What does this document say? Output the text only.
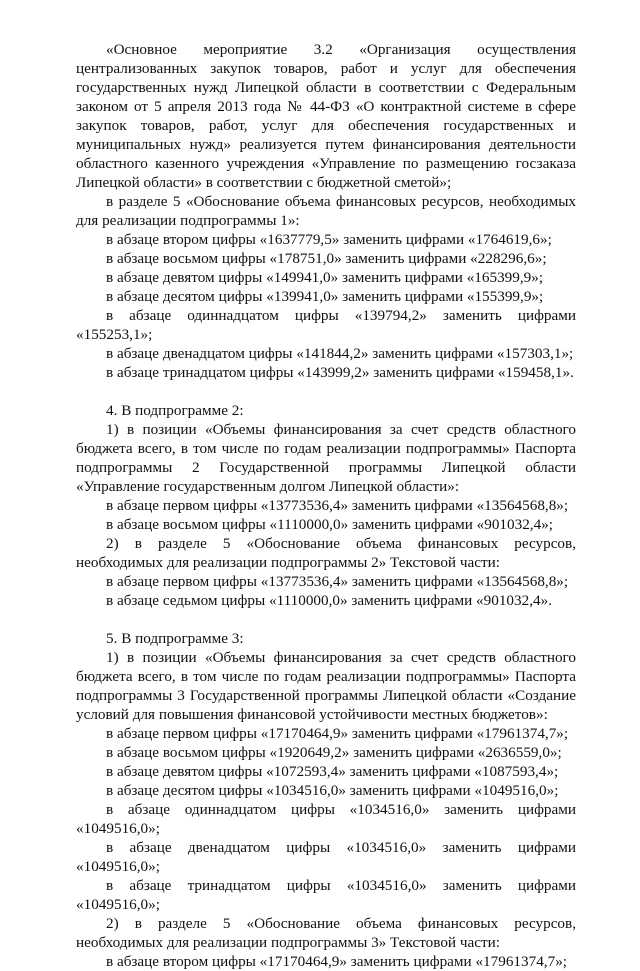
«Основное мероприятие 3.2 «Организация осуществления централизованных закупок товаров, работ и услуг для обеспечения государственных нужд Липецкой области в соответствии с Федеральным законом от 5 апреля 2013 года № 44-ФЗ «О контрактной системе в сфере закупок товаров, работ, услуг для обеспечения государственных и муниципальных нужд» реализуется путем финансирования деятельности областного казенного учреждения «Управление по размещению госзаказа Липецкой области» в соответствии с бюджетной сметой»;

в разделе 5 «Обоснование объема финансовых ресурсов, необходимых для реализации подпрограммы 1»:

в абзаце втором цифры «1637779,5» заменить цифрами «1764619,6»;

в абзаце восьмом цифры «178751,0» заменить цифрами «228296,6»;

в абзаце девятом цифры «149941,0» заменить цифрами «165399,9»;

в абзаце десятом цифры «139941,0» заменить цифрами «155399,9»;

в абзаце одиннадцатом цифры «139794,2» заменить цифрами «155253,1»;

в абзаце двенадцатом цифры «141844,2» заменить цифрами «157303,1»;

в абзаце тринадцатом цифры «143999,2» заменить цифрами «159458,1».

4. В подпрограмме 2:

1) в позиции «Объемы финансирования за счет средств областного бюджета всего, в том числе по годам реализации подпрограммы» Паспорта подпрограммы 2 Государственной программы Липецкой области «Управление государственным долгом Липецкой области»:

в абзаце первом цифры «13773536,4» заменить цифрами «13564568,8»;

в абзаце восьмом цифры «1110000,0» заменить цифрами «901032,4»;

2) в разделе 5 «Обоснование объема финансовых ресурсов, необходимых для реализации подпрограммы 2» Текстовой части:

в абзаце первом цифры «13773536,4» заменить цифрами «13564568,8»;

в абзаце седьмом цифры «1110000,0» заменить цифрами «901032,4».

5. В подпрограмме 3:

1) в позиции «Объемы финансирования за счет средств областного бюджета всего, в том числе по годам реализации подпрограммы» Паспорта подпрограммы 3 Государственной программы Липецкой области «Создание условий для повышения финансовой устойчивости местных бюджетов»:

в абзаце первом цифры «17170464,9» заменить цифрами «17961374,7»;

в абзаце восьмом цифры «1920649,2» заменить цифрами «2636559,0»;

в абзаце девятом цифры «1072593,4» заменить цифрами «1087593,4»;

в абзаце десятом цифры «1034516,0» заменить цифрами «1049516,0»;

в абзаце одиннадцатом цифры «1034516,0» заменить цифрами «1049516,0»;

в абзаце двенадцатом цифры «1034516,0» заменить цифрами «1049516,0»;

в абзаце тринадцатом цифры «1034516,0» заменить цифрами «1049516,0»;

2) в разделе 5 «Обоснование объема финансовых ресурсов, необходимых для реализации подпрограммы 3» Текстовой части:

в абзаце втором цифры «17170464,9» заменить цифрами «17961374,7»;
